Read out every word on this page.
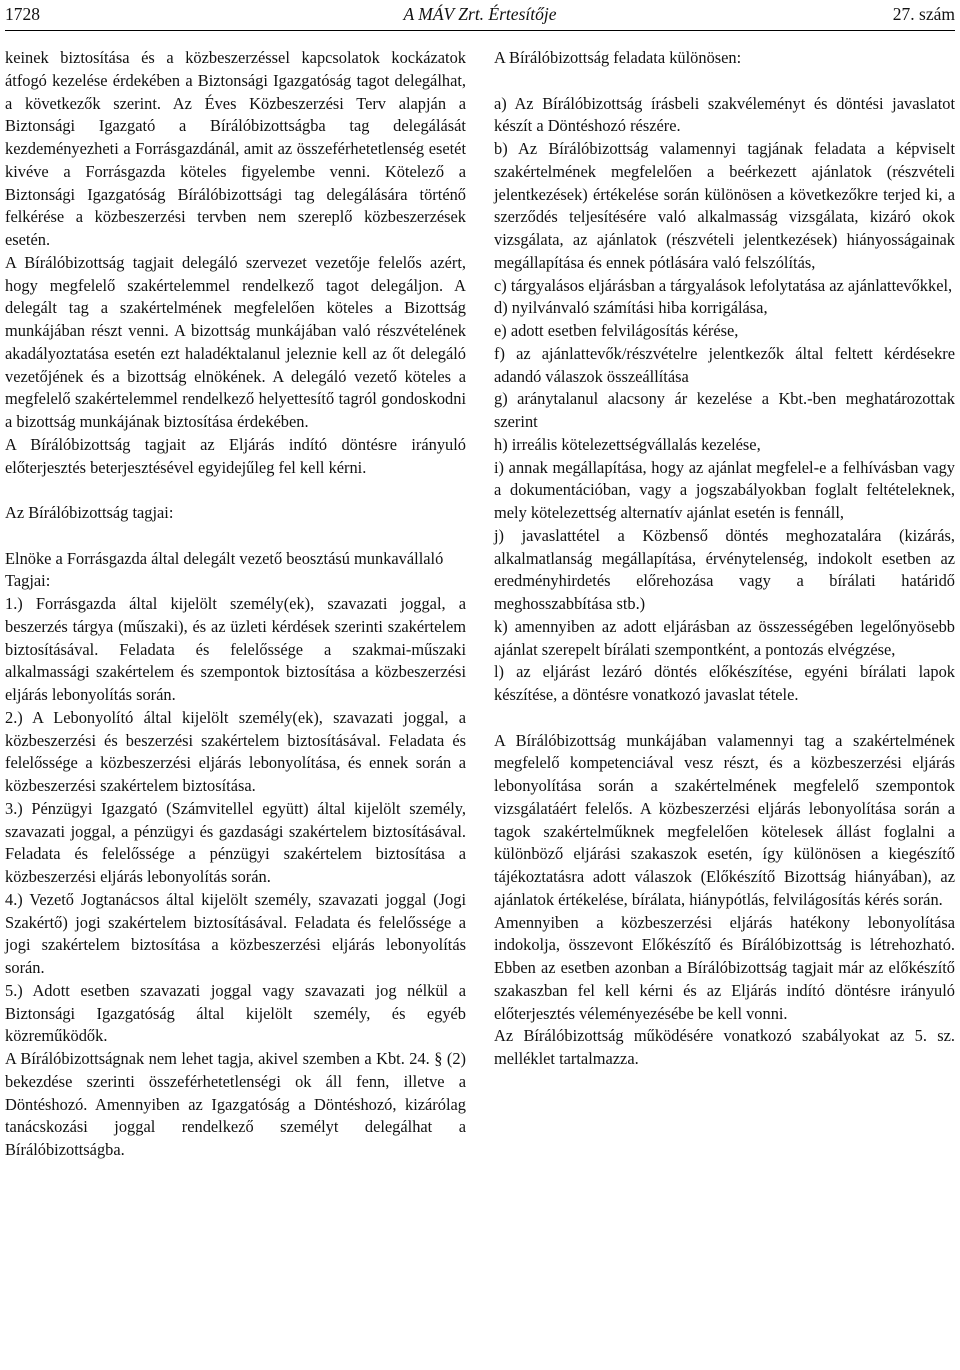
1728	A MÁV Zrt. Értesítője	27. szám

keinek biztosítása és a közbeszerzéssel kapcsolatok kockázatok átfogó kezelése érdekében a Biztonsági Igazgatóság tagot delegálhat, a következők szerint. Az Éves Közbeszerzési Terv alapján a Biztonsági Igazgató a Bírálóbizottságba tag delegálását kezdeményezheti a Forrásgazdánál, amit az összeférhetetlenség esetét kivéve a Forrásgazda köteles figyelembe venni. Kötelező a Biztonsági Igazgatóság Bírálóbizottsági tag delegálására történő felkérése a közbeszerzési tervben nem szereplő közbeszerzések esetén.

A Bírálóbizottság tagjait delegáló szervezet vezetője felelős azért, hogy megfelelő szakértelemmel rendelkező tagot delegáljon. A delegált tag a szakértelmének megfelelően köteles a Bizottság munkájában részt venni. A bizottság munkájában való részvételének akadályoztatása esetén ezt haladéktalanul jeleznie kell az őt delegáló vezetőjének és a bizottság elnökének. A delegáló vezető köteles a megfelelő szakértelemmel rendelkező helyettesítő tagról gondoskodni a bizottság munkájának biztosítása érdekében.

A Bírálóbizottság tagjait az Eljárás indító döntésre irányuló előterjesztés beterjesztésével egyidejűleg fel kell kérni.

Az Bírálóbizottság tagjai:

Elnöke a Forrásgazda által delegált vezető beosztású munkavállaló

Tagjai:

1.) Forrásgazda által kijelölt személy(ek), szavazati joggal, a beszerzés tárgya (műszaki), és az üzleti kérdések szerinti szakértelem biztosításával. Feladata és felelőssége a szakmai-műszaki alkalmassági szakértelem és szempontok biztosítása a közbeszerzési eljárás lebonyolítás során.

2.) A Lebonyolító által kijelölt személy(ek), szavazati joggal, a közbeszerzési és beszerzési szakértelem biztosításával. Feladata és felelőssége a közbeszerzési eljárás lebonyolítása, és ennek során a közbeszerzési szakértelem biztosítása.

3.) Pénzügyi Igazgató (Számvitellel együtt) által kijelölt személy, szavazati joggal, a pénzügyi és gazdasági szakértelem biztosításával. Feladata és felelőssége a pénzügyi szakértelem biztosítása a közbeszerzési eljárás lebonyolítás során.

4.) Vezető Jogtanácsos által kijelölt személy, szavazati joggal (Jogi Szakértő) jogi szakértelem biztosításával. Feladata és felelőssége a jogi szakértelem biztosítása a közbeszerzési eljárás lebonyolítás során.

5.) Adott esetben szavazati joggal vagy szavazati jog nélkül a Biztonsági Igazgatóság által kijelölt személy, és egyéb közreműködők.

A Bírálóbizottságnak nem lehet tagja, akivel szemben a Kbt. 24. § (2) bekezdése szerinti összeférhetetlenségi ok áll fenn, illetve a Döntéshozó. Amennyiben az Igazgatóság a Döntéshozó, kizárólag tanácskozási joggal rendelkező személyt delegálhat a Bírálóbizottságba.

A Bírálóbizottság feladata különösen:

a) Az Bírálóbizottság írásbeli szakvéleményt és döntési javaslatot készít a Döntéshozó részére.

b) Az Bírálóbizottság valamennyi tagjának feladata a képviselt szakértelmének megfelelően a beérkezett ajánlatok (részvételi jelentkezések) értékelése során különösen a következőkre terjed ki, a szerződés teljesítésére való alkalmasság vizsgálata, kizáró okok vizsgálata, az ajánlatok (részvételi jelentkezések) hiányosságainak megállapítása és ennek pótlására való felszólítás,

c) tárgyalásos eljárásban a tárgyalások lefolytatása az ajánlattevőkkel,

d) nyilvánvaló számítási hiba korrigálása,

e) adott esetben felvilágosítás kérése,

f) az ajánlattevők/részvételre jelentkezők által feltett kérdésekre adandó válaszok összeállítása

g) aránytalanul alacsony ár kezelése a Kbt.-ben meghatározottak szerint

h) irreális kötelezettségvállalás kezelése,

i) annak megállapítása, hogy az ajánlat megfelel-e a felhívásban vagy a dokumentációban, vagy a jogszabályokban foglalt feltételeknek, mely kötelezettség alternatív ajánlat esetén is fennáll,

j) javaslattétel a Közbenső döntés meghozatalára (kizárás, alkalmatlanság megállapítása, érvénytelenség, indokolt esetben az eredményhirdetés előrehozása vagy a bírálati határidő meghosszabbítása stb.)

k) amennyiben az adott eljárásban az összességében legelőnyösebb ajánlat szerepelt bírálati szempontként, a pontozás elvégzése,

l) az eljárást lezáró döntés előkészítése, egyéni bírálati lapok készítése, a döntésre vonatkozó javaslat tétele.

A Bírálóbizottság munkájában valamennyi tag a szakértelmének megfelelő kompetenciával vesz részt, és a közbeszerzési eljárás lebonyolítása során a szakértelmének megfelelő szempontok vizsgálatáért felelős. A közbeszerzési eljárás lebonyolítása során a tagok szakértelműknek megfelelően kötelesek állást foglalni a különböző eljárási szakaszok esetén, így különösen a kiegészítő tájékoztatásra adott válaszok (Előkészítő Bizottság hiányában), az ajánlatok értékelése, bírálata, hiánypótlás, felvilágosítás kérés során.

Amennyiben a közbeszerzési eljárás hatékony lebonyolítása indokolja, összevont Előkészítő és Bírálóbizottság is létrehozható. Ebben az esetben azonban a Bírálóbizottság tagjait már az előkészítő szakaszban fel kell kérni és az Eljárás indító döntésre irányuló előterjesztés véleményezésébe be kell vonni.

Az Bírálóbizottság működésére vonatkozó szabályokat az 5. sz. melléklet tartalmazza.
